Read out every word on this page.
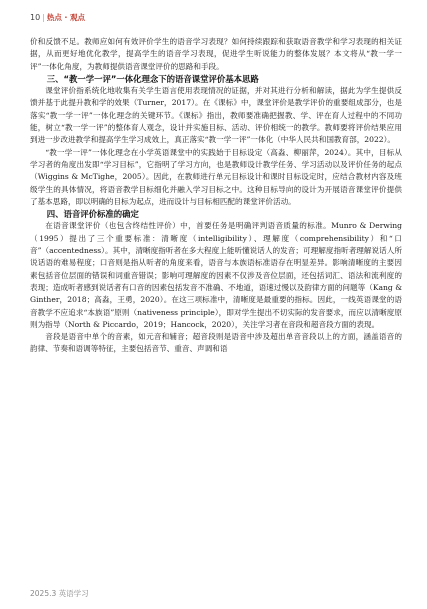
10 | 热点 · 观点

价和反馈不足。教师应如何有效评价学生的语音学习表现？如何持续跟踪和获取语音教学和学习表现的相关证据，从而更好地优化教学，提高学生的语音学习表现，促进学生听说能力的整体发展？本文将从“教一学一评”一体化角度，为教师提供语音课堂评价的思路和手段。

三、“教一学一评”一体化理念下的语音课堂评价基本思路

课堂评价指系统化地收集有关学生语言使用表现情况的证据，并对其进行分析和解读，据此为学生提供反馈并基于此提升教和学的效果（Turner，2017）。在《课标》中，课堂评价是教学评价的重要组成部分，也是落实“教一学一评”一体化理念的关键环节。《课标》指出，教师要准确把握教、学、评在育人过程中的不同功能，树立“教一学一评”的整体育人观念，设计并实施目标、活动、评价相统一的教学。教师要将评价结果应用到进一步改进教学和提高学生学习成效上，真正落实“教一学一评”一体化（中华人民共和国教育部，2022）。

“教一学一评”一体化理念在小学英语课堂中的实践始于目标设定（高淼、柳丽萍，2024）。其中，目标从学习者的角度出发即“学习目标”，它指明了学习方向，也是教师设计教学任务、学习活动以及评价任务的起点（Wiggins & McTighe，2005）。因此，在教师进行单元目标设计和课时目标设定时，应结合教材内容及班级学生的具体情况，将语音教学目标细化并融入学习目标之中。这种目标导向的设计为开展语音课堂评价提供了基本思路，即以明确的目标为起点，进而设计与目标相匹配的课堂评价活动。

四、语音评价标准的确定

在语音课堂评价（也包含终结性评价）中，首要任务是明确评判语音质量的标准。Munro & Derwing（1995）提出了三个重要标准：清晰度（intelligibility）、理解度（comprehensibility）和“口音”（accentedness）。其中，清晰度指听者在多大程度上能听懂说话人的发音；可理解度指听者理解说话人所说话语的难易程度；口音则是指从听者的角度来看，语音与本族语标准语存在明显差异。影响清晰度的主要因素包括音位层面的错误和词重音错误；影响可理解度的因素不仅涉及音位层面，还包括词汇、语法和流利度的表现；造成听者感到说话者有口音的因素包括发音不准确、不地道，语速过慢以及韵律方面的问题等（Kang & Ginther，2018；高淼，王勇，2020）。在这三项标准中，清晰度是最重要的指标。因此，一线英语课堂的语音教学不应追求“本族语”原则（nativeness principle），即对学生提出不切实际的发音要求，而应以清晰度原则为指导（North & Piccardo，2019；Hancock，2020），关注学习者在音段和超音段方面的表现。

音段是语音中单个的音素，如元音和辅音；超音段则是语音中涉及超出单音音段以上的方面，涵盖语音的韵律、节奏和语调等特征，主要包括音节、重音、声调和语

2025.3 英语学习
